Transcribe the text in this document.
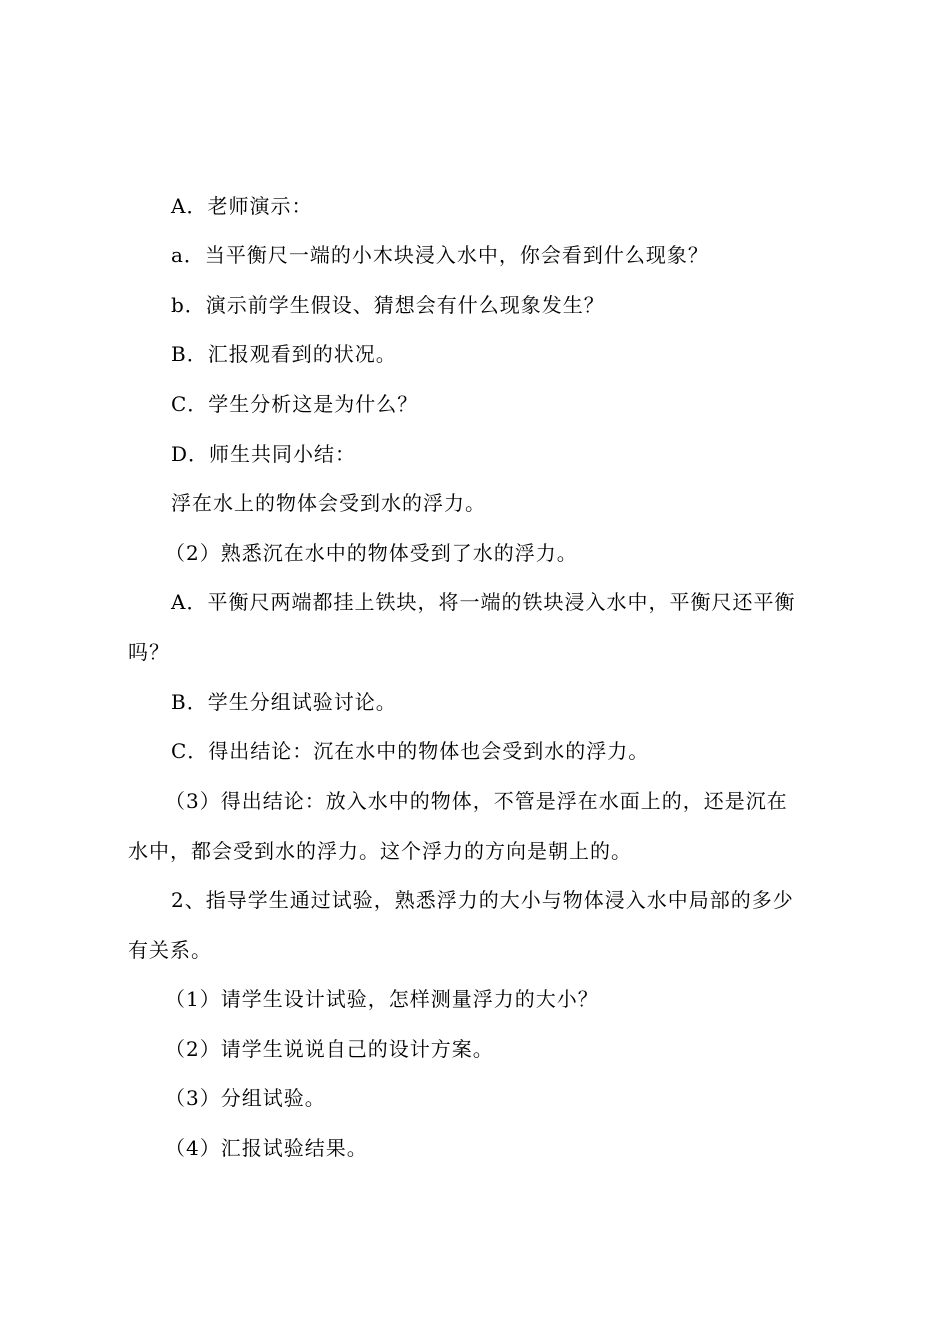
A．老师演示：
a．当平衡尺一端的小木块浸入水中，你会看到什么现象？
b．演示前学生假设、猜想会有什么现象发生？
B．汇报观看到的状况。
C．学生分析这是为什么？
D．师生共同小结：
浮在水上的物体会受到水的浮力。
（2）熟悉沉在水中的物体受到了水的浮力。
A．平衡尺两端都挂上铁块，将一端的铁块浸入水中，平衡尺还平衡
吗？
B．学生分组试验讨论。
C．得出结论：沉在水中的物体也会受到水的浮力。
（3）得出结论：放入水中的物体，不管是浮在水面上的，还是沉在
水中，都会受到水的浮力。这个浮力的方向是朝上的。
2、指导学生通过试验，熟悉浮力的大小与物体浸入水中局部的多少
有关系。
（1）请学生设计试验，怎样测量浮力的大小？
（2）请学生说说自己的设计方案。
（3）分组试验。
（4）汇报试验结果。
